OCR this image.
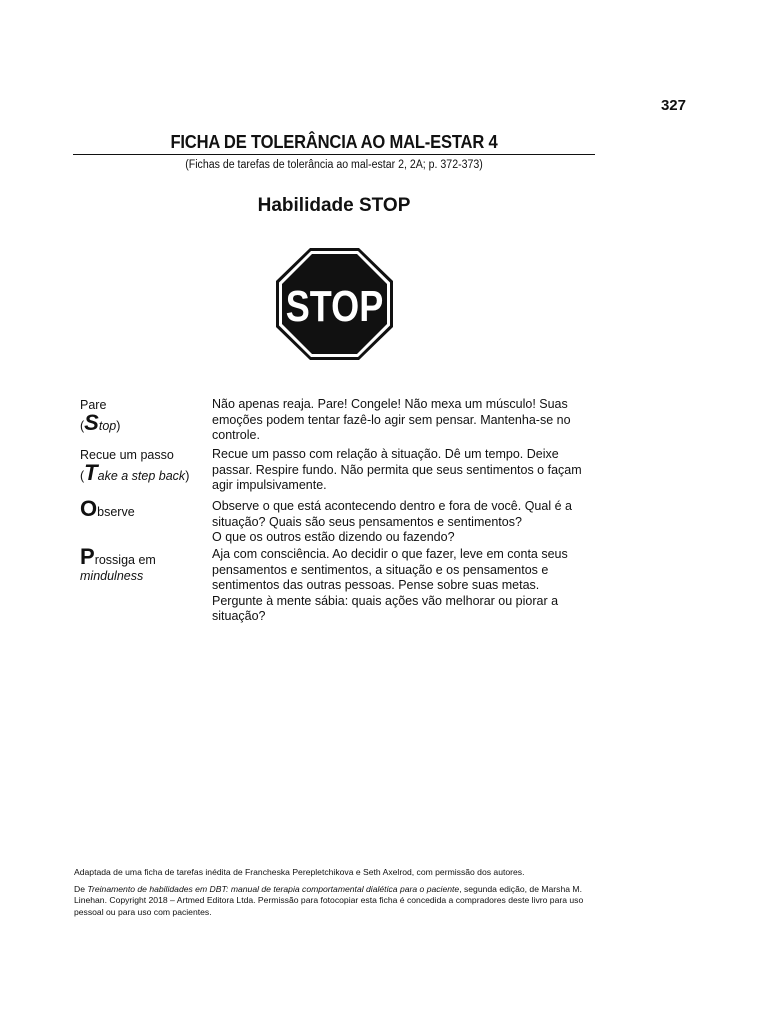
327
FICHA DE TOLERÂNCIA AO MAL-ESTAR 4
(Fichas de tarefas de tolerância ao mal-estar 2, 2A; p. 372-373)
Habilidade STOP
STOP
Pare
(Stop)
Não apenas reaja. Pare! Congele! Não mexa um músculo! Suas emoções podem tentar fazê-lo agir sem pensar. Mantenha-se no controle.
Recue um passo
(Take a step back)
Recue um passo com relação à situação. Dê um tempo. Deixe passar. Respire fundo. Não permita que seus sentimentos o façam agir impulsivamente.
Observe	Observe o que está acontecendo dentro e fora de você. Qual é a situação? Quais são seus pensamentos e sentimentos?
O que os outros estão dizendo ou fazendo?
Prossiga em
mindulness
Aja com consciência. Ao decidir o que fazer, leve em conta seus pensamentos e sentimentos, a situação e os pensamentos e sentimentos das outras pessoas. Pense sobre suas metas. Pergunte à mente sábia: quais ações vão melhorar ou piorar a situação?
Adaptada de uma ficha de tarefas inédita de Francheska Perepletchikova e Seth Axelrod, com permissão dos autores.
De Treinamento de habilidades em DBT: manual de terapia comportamental dialética para o paciente, segunda edição, de Marsha M. Linehan. Copyright 2018 – Artmed Editora Ltda. Permissão para fotocopiar esta ficha é concedida a compradores deste livro para uso pessoal ou para uso com pacientes.
